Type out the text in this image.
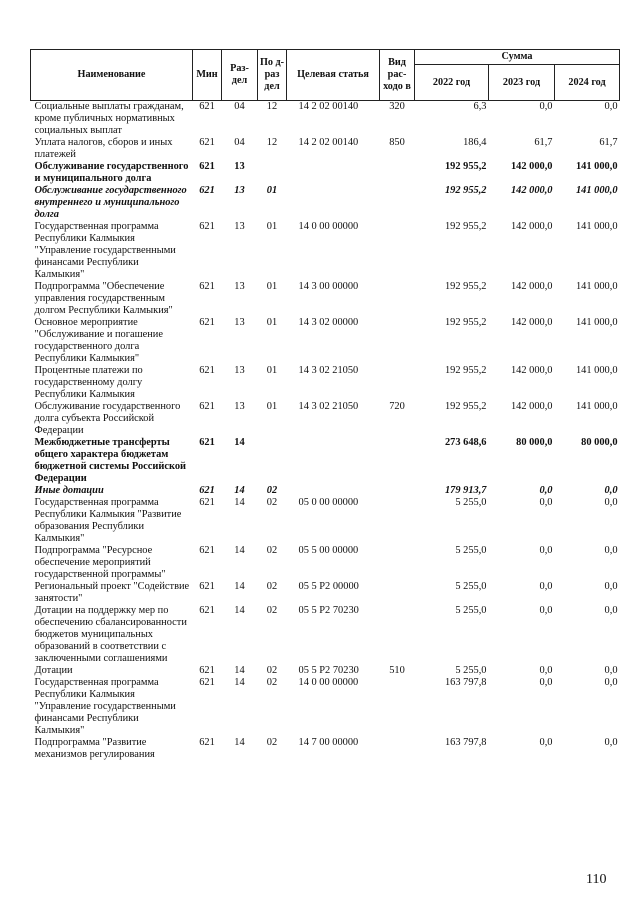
Наименование	Мин	Раз-дел	По д- раз дел	Целевая статья	Вид рас- ходо в	Сумма		
						2022 год	2023 год	2024 год
Социальные выплаты гражданам, кроме публичных нормативных социальных выплат	621	04	12	14 2 02 00140	320	6,3	0,0	0,0
Уплата налогов, сборов и иных платежей	621	04	12	14 2 02 00140	850	186,4	61,7	61,7
Обслуживание государственного и муниципального долга	621	13				192 955,2	142 000,0	141 000,0
Обслуживание государственного внутреннего и муниципального долга	621	13	01			192 955,2	142 000,0	141 000,0
Государственная программа Республики Калмыкия "Управление государственными финансами Республики Калмыкия"	621	13	01	14 0 00 00000		192 955,2	142 000,0	141 000,0
Подпрограмма "Обеспечение управления государственным долгом Республики Калмыкия"	621	13	01	14 3 00 00000		192 955,2	142 000,0	141 000,0
Основное мероприятие "Обслуживание и погашение государственного долга Республики Калмыкия"	621	13	01	14 3 02 00000		192 955,2	142 000,0	141 000,0
Процентные платежи по государственному долгу Республики Калмыкия	621	13	01	14 3 02 21050		192 955,2	142 000,0	141 000,0
Обслуживание государственного долга субъекта Российской Федерации	621	13	01	14 3 02 21050	720	192 955,2	142 000,0	141 000,0
Межбюджетные трансферты общего характера бюджетам бюджетной системы Российской Федерации	621	14				273 648,6	80 000,0	80 000,0
Иные дотации	621	14	02			179 913,7	0,0	0,0
Государственная программа Республики Калмыкия "Развитие образования Республики Калмыкия"	621	14	02	05 0 00 00000		5 255,0	0,0	0,0
Подпрограмма "Ресурсное обеспечение мероприятий государственной программы"	621	14	02	05 5 00 00000		5 255,0	0,0	0,0
Региональный проект "Содействие занятости"	621	14	02	05 5 P2 00000		5 255,0	0,0	0,0
Дотации на поддержку мер по обеспечению сбалансированности бюджетов муниципальных образований в соответствии с заключенными соглашениями	621	14	02	05 5 P2 70230		5 255,0	0,0	0,0
Дотации	621	14	02	05 5 P2 70230	510	5 255,0	0,0	0,0
Государственная программа Республики Калмыкия "Управление государственными финансами Республики Калмыкия"	621	14	02	14 0 00 00000		163 797,8	0,0	0,0
Подпрограмма "Развитие механизмов регулирования	621	14	02	14 7 00 00000		163 797,8	0,0	0,0
110
